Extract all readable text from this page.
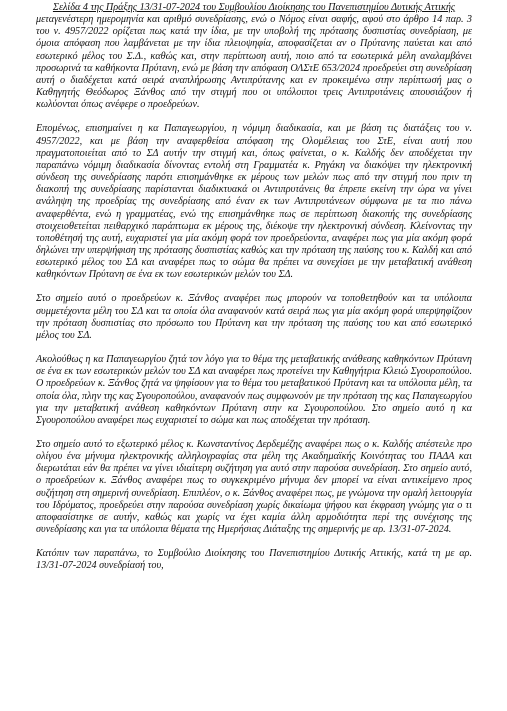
Σελίδα 4 της Πράξης 13/31-07-2024 του Συμβουλίου Διοίκησης του Πανεπιστημίου Δυτικής Αττικής

μεταγενέστερη ημερομηνία και αριθμό συνεδρίασης, ενώ ο Νόμος είναι σαφής, αφού στο άρθρο 14 παρ. 3 του ν. 4957/2022 ορίζεται πως κατά την ίδια, με την υποβολή της πρότασης δυσπιστίας συνεδρίαση, με όμοια απόφαση που λαμβάνεται με την ίδια πλειοψηφία, αποφασίζεται αν ο Πρύτανης παύεται και από εσωτερικό μέλος του Σ.Δ., καθώς και, στην περίπτωση αυτή, ποιο από τα εσωτερικά μέλη αναλαμβάνει προσωρινά τα καθήκοντα Πρύτανη, ενώ με βάση την απόφαση ΟΛΣτΕ 653/2024 προεδρεύει στη συνεδρίαση αυτή ο διαδέχεται κατά σειρά αναπλήρωσης Αντιπρύτανης και εν προκειμένω στην περίπτωσή μας ο Καθηγητής Θεόδωρος Ξάνθος από την στιγμή που οι υπόλοιποι τρεις Αντιπρυτάνεις απουσιάζουν ή κωλύονται όπως ανέφερε ο προεδρεύων.

Επομένως, επισημαίνει η κα Παπαγεωργίου, η νόμιμη διαδικασία, και με βάση τις διατάξεις του ν. 4957/2022, και με βάση την αναφερθείσα απόφαση της Ολομέλειας του ΣτΕ, είναι αυτή που πραγματοποιείται από το ΣΔ αυτήν την στιγμή και, όπως φαίνεται, ο κ. Καλδής δεν αποδέχεται την παραπάνω νόμιμη διαδικασία δίνοντας εντολή στη Γραμματέα κ. Ρηγάκη να διακόψει την ηλεκτρονική σύνδεση της συνεδρίασης παρότι επισημάνθηκε εκ μέρους των μελών πως από την στιγμή που πριν τη διακοπή της συνεδρίασης παρίστανται διαδικτυακά οι Αντιπρυτάνεις θα έπρεπε εκείνη την ώρα να γίνει ανάληψη της προεδρίας της συνεδρίασης από έναν εκ των Αντιπρυτάνεων σύμφωνα με τα πιο πάνω αναφερθέντα, ενώ η γραμματέας, ενώ της επισημάνθηκε πως σε περίπτωση διακοπής της συνεδρίασης στοιχειοθετείται πειθαρχικό παράπτωμα εκ μέρους της, διέκοψε την ηλεκτρονική σύνδεση. Κλείνοντας την τοποθέτησή της αυτή, ευχαριστεί για μία ακόμη φορά τον προεδρεύοντα, αναφέρει πως για μία ακόμη φορά δηλώνει την υπερψήφιση της πρότασης δυσπιστίας καθώς και την πρόταση της παύσης του κ. Καλδή και από εσωτερικό μέλος του ΣΔ και αναφέρει πως το σώμα θα πρέπει να συνεχίσει με την μεταβατική ανάθεση καθηκόντων Πρύτανη σε ένα εκ των εσωτερικών μελών του ΣΔ.

Στο σημείο αυτό ο προεδρεύων κ. Ξάνθος αναφέρει πως μπορούν να τοποθετηθούν και τα υπόλοιπα συμμετέχοντα μέλη του ΣΔ και τα οποία όλα αναφανούν κατά σειρά πως για μία ακόμη φορά υπερψηφίζουν την πρόταση δυσπιστίας στο πρόσωπο του Πρύτανη και την πρόταση της παύσης του και από εσωτερικό μέλος του ΣΔ.

Ακολούθως η κα Παπαγεωργίου ζητά τον λόγο για το θέμα της μεταβατικής ανάθεσης καθηκόντων Πρύτανη σε ένα εκ των εσωτερικών μελών του ΣΔ και αναφέρει πως προτείνει την Καθηγήτρια Κλειώ Σγουροπούλου. Ο προεδρεύων κ. Ξάνθος ζητά να ψηφίσουν για το θέμα του μεταβατικού Πρύτανη και τα υπόλοιπα μέλη, τα οποία όλα, πλην της κας Σγουροπούλου, αναφανούν πως συμφωνούν με την πρόταση της κας Παπαγεωργίου για την μεταβατική ανάθεση καθηκόντων Πρύτανη στην κα Σγουροπούλου. Στο σημείο αυτό η κα Σγουροπούλου αναφέρει πως ευχαριστεί το σώμα και πως αποδέχεται την πρόταση.

Στο σημείο αυτό το εξωτερικό μέλος κ. Κωνσταντίνος Δερδεμέζης αναφέρει πως ο κ. Καλδής απέστειλε προ ολίγου ένα μήνυμα ηλεκτρονικής αλληλογραφίας στα μέλη της Ακαδημαϊκής Κοινότητας του ΠΑΔΑ και διερωτάται εάν θα πρέπει να γίνει ιδιαίτερη συζήτηση για αυτό στην παρούσα συνεδρίαση. Στο σημείο αυτό, ο προεδρεύων κ. Ξάνθος αναφέρει πως το συγκεκριμένο μήνυμα δεν μπορεί να είναι αντικείμενο προς συζήτηση στη σημερινή συνεδρίαση. Επιπλέον, ο κ. Ξάνθος αναφέρει πως, με γνώμονα την ομαλή λειτουργία του Ιδρύματος, προεδρεύει στην παρούσα συνεδρίαση χωρίς δικαίωμα ψήφου και έκφραση γνώμης για ο τι αποφασίστηκε σε αυτήν, καθώς και χωρίς να έχει καμία άλλη αρμοδιότητα περί της συνέχισης της συνεδρίασης και για τα υπόλοιπα θέματα της Ημερήσιας Διάταξης της σημερινής με αρ. 13/31-07-2024.

Κατόπιν των παραπάνω, το Συμβούλιο Διοίκησης του Πανεπιστημίου Δυτικής Αττικής, κατά τη με αρ. 13/31-07-2024 συνεδρίασή του,
